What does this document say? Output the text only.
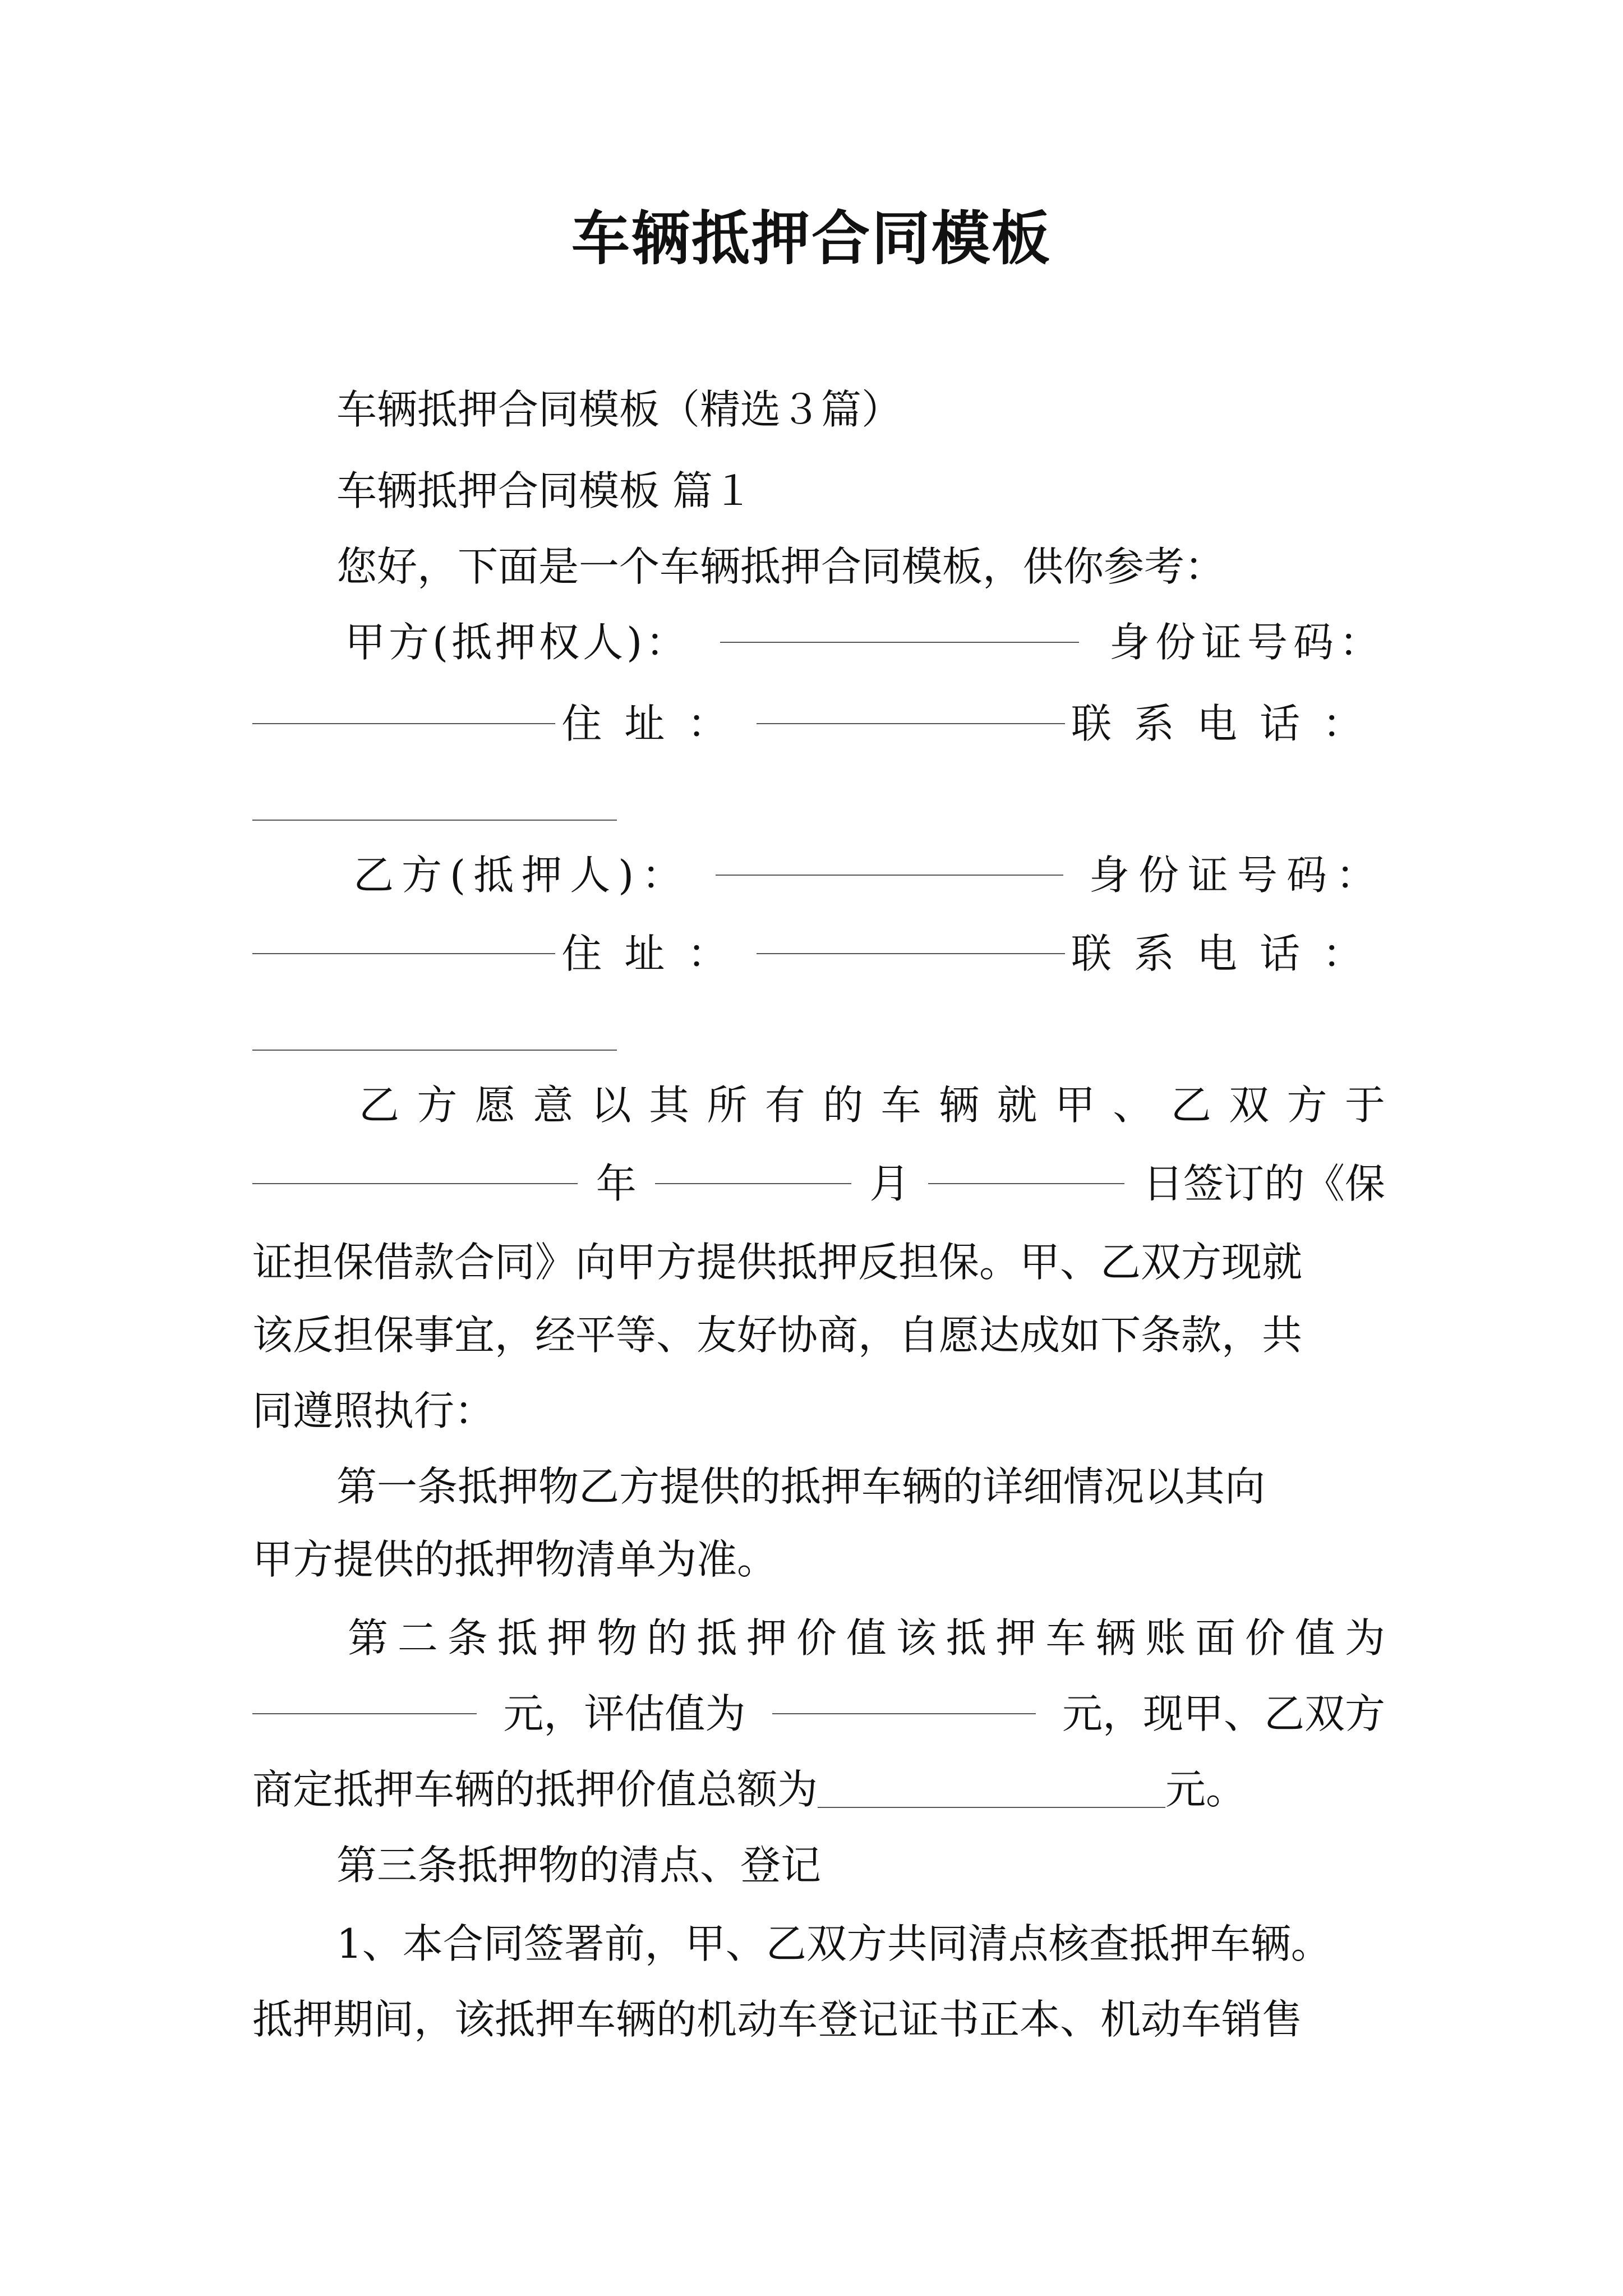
车辆抵押合同模板
车辆抵押合同模板（精选３篇）
车辆抵押合同模板 篇１
您好，下面是一个车辆抵押合同模板，供你参考：
甲方(抵押权人)：	身份证号码：
住址：	联系电话：
乙方(抵押人)：	身份证号码：
住址：	联系电话：
乙 方 愿 意 以 其 所 有 的 车 辆 就 甲 、 乙 双 方 于
年	月	日签订的《保
证担保借款合同》向甲方提供抵押反担保。甲、乙双方现就
该反担保事宜，经平等、友好协商，自愿达成如下条款，共
同遵照执行：
第一条抵押物乙方提供的抵押车辆的详细情况以其向
甲方提供的抵押物清单为准。
第 二 条 抵 押 物 的 抵 押 价 值 该 抵 押 车 辆 账 面 价 值 为
元，评估值为	元，现甲、乙双方
商定抵押车辆的抵押价值总额为	元。
第三条抵押物的清点、登记
1、本合同签署前，甲、乙双方共同清点核查抵押车辆。
抵押期间，该抵押车辆的机动车登记证书正本、机动车销售
